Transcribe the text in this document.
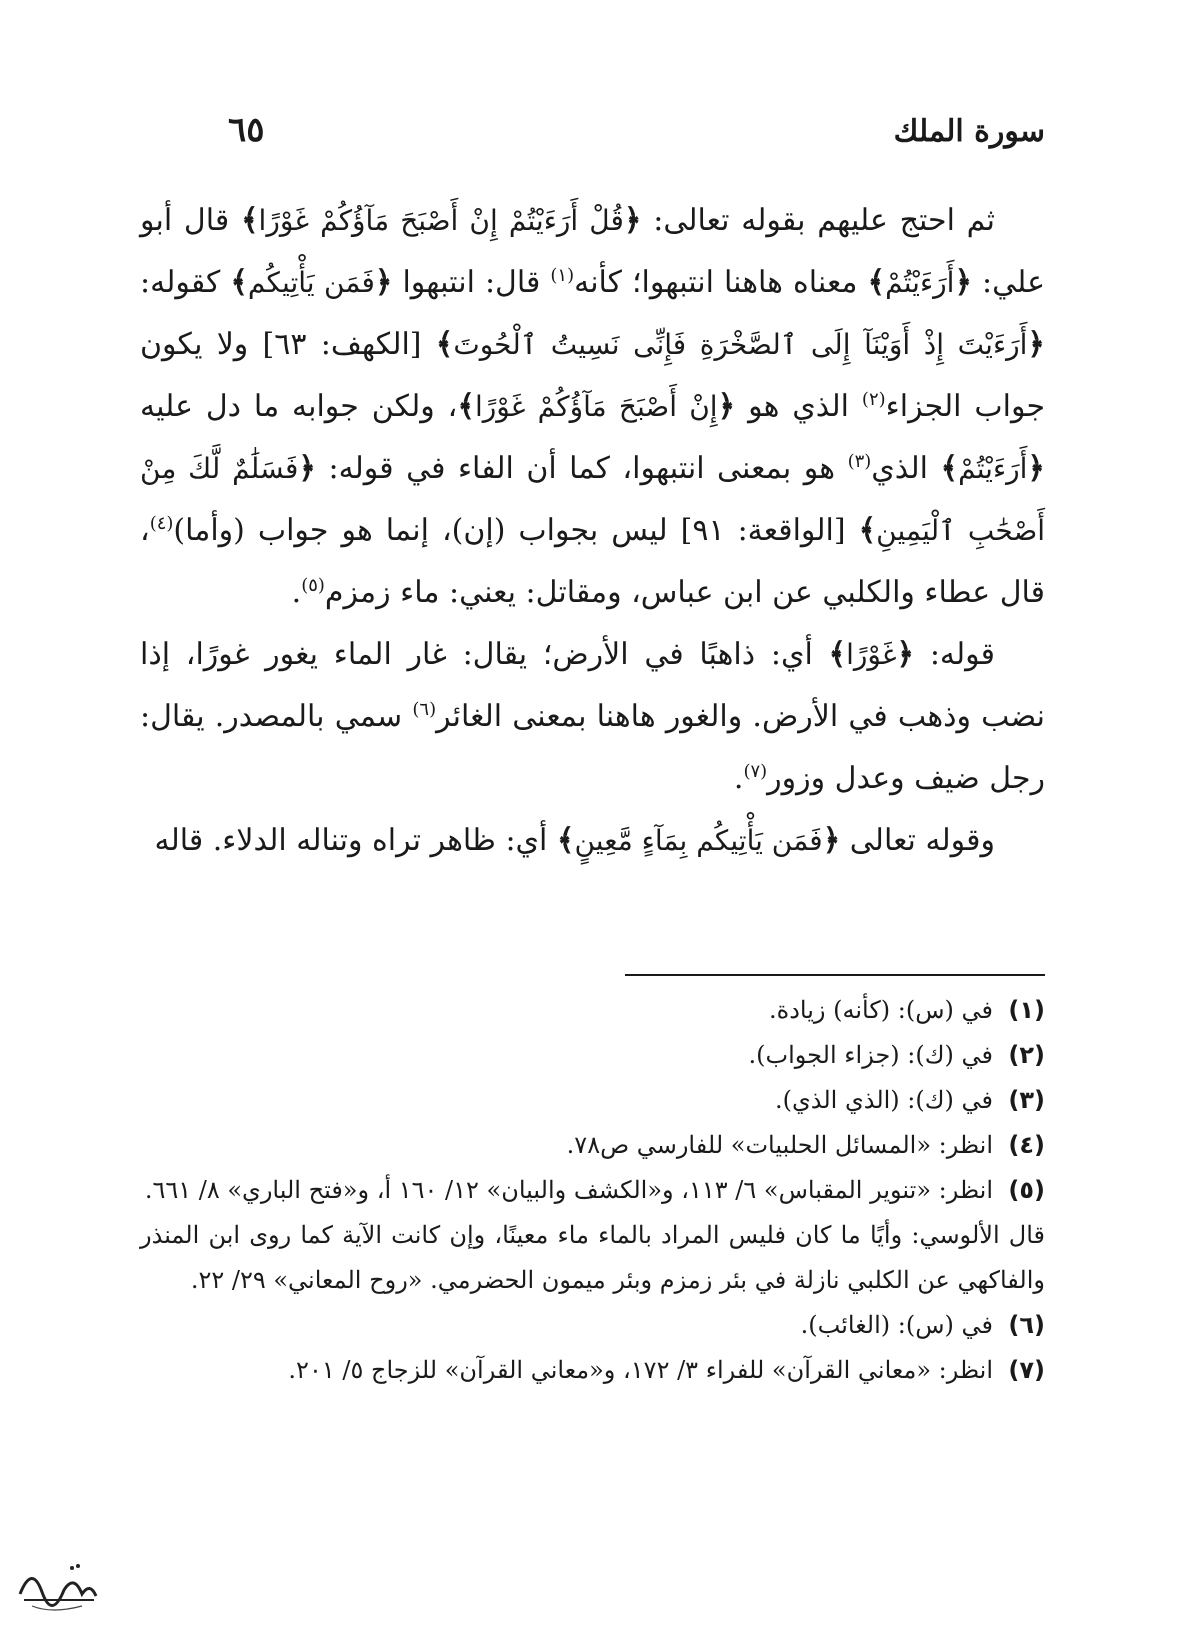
سورة الملك
٦٥

ثم احتج عليهم بقوله تعالى: ﴿قُلْ أَرَءَيْتُمْ إِنْ أَصْبَحَ مَآؤُكُمْ غَوْرًا﴾ قال أبو علي: ﴿أَرَءَيْتُمْ﴾ معناه هاهنا انتبهوا؛ كأنه$^{(١)}$ قال: انتبهوا ﴿فَمَن يَأْتِيكُم﴾ كقوله: ﴿أَرَءَيْتَ إِذْ أَوَيْنَآ إِلَى ٱلصَّخْرَةِ فَإِنِّى نَسِيتُ ٱلْحُوتَ﴾ [الكهف: ٦٣] ولا يكون جواب الجزاء$^{(٢)}$ الذي هو ﴿إِنْ أَصْبَحَ مَآؤُكُمْ غَوْرًا﴾، ولكن جوابه ما دل عليه ﴿أَرَءَيْتُمْ﴾ الذي$^{(٣)}$ هو بمعنى انتبهوا، كما أن الفاء في قوله: ﴿فَسَلَٰمٌ لَّكَ مِنْ أَصْحَٰبِ ٱلْيَمِينِ﴾ [الواقعة: ٩١] ليس بجواب (إن)، إنما هو جواب (وأما)$^{(٤)}$، قال عطاء والكلبي عن ابن عباس، ومقاتل: يعني: ماء زمزم$^{(٥)}$.

قوله: ﴿غَوْرًا﴾ أي: ذاهبًا في الأرض؛ يقال: غار الماء يغور غورًا، إذا نضب وذهب في الأرض. والغور هاهنا بمعنى الغائر$^{(٦)}$ سمي بالمصدر. يقال: رجل ضيف وعدل وزور$^{(٧)}$.

وقوله تعالى ﴿فَمَن يَأْتِيكُم بِمَآءٍ مَّعِينٍ﴾ أي: ظاهر تراه وتناله الدلاء. قاله

(١)
في (س): (كأنه) زيادة.
(٢)
في (ك): (جزاء الجواب).
(٣)
في (ك): (الذي الذي).
(٤)
انظر: «المسائل الحلبيات» للفارسي ص٧٨.
(٥)
انظر: «تنوير المقباس» ٦/ ١١٣، و«الكشف والبيان» ١٢/ ١٦٠ أ، و«فتح الباري» ٨/ ٦٦١.
قال الألوسي: وأيًا ما كان فليس المراد بالماء ماء معينًا، وإن كانت الآية كما روى ابن المنذر والفاكهي عن الكلبي نازلة في بئر زمزم وبئر ميمون الحضرمي. «روح المعاني» ٢٩/ ٢٢.
(٦)
في (س): (الغائب).
(٧)
انظر: «معاني القرآن» للفراء ٣/ ١٧٢، و«معاني القرآن» للزجاج ٥/ ٢٠١.
